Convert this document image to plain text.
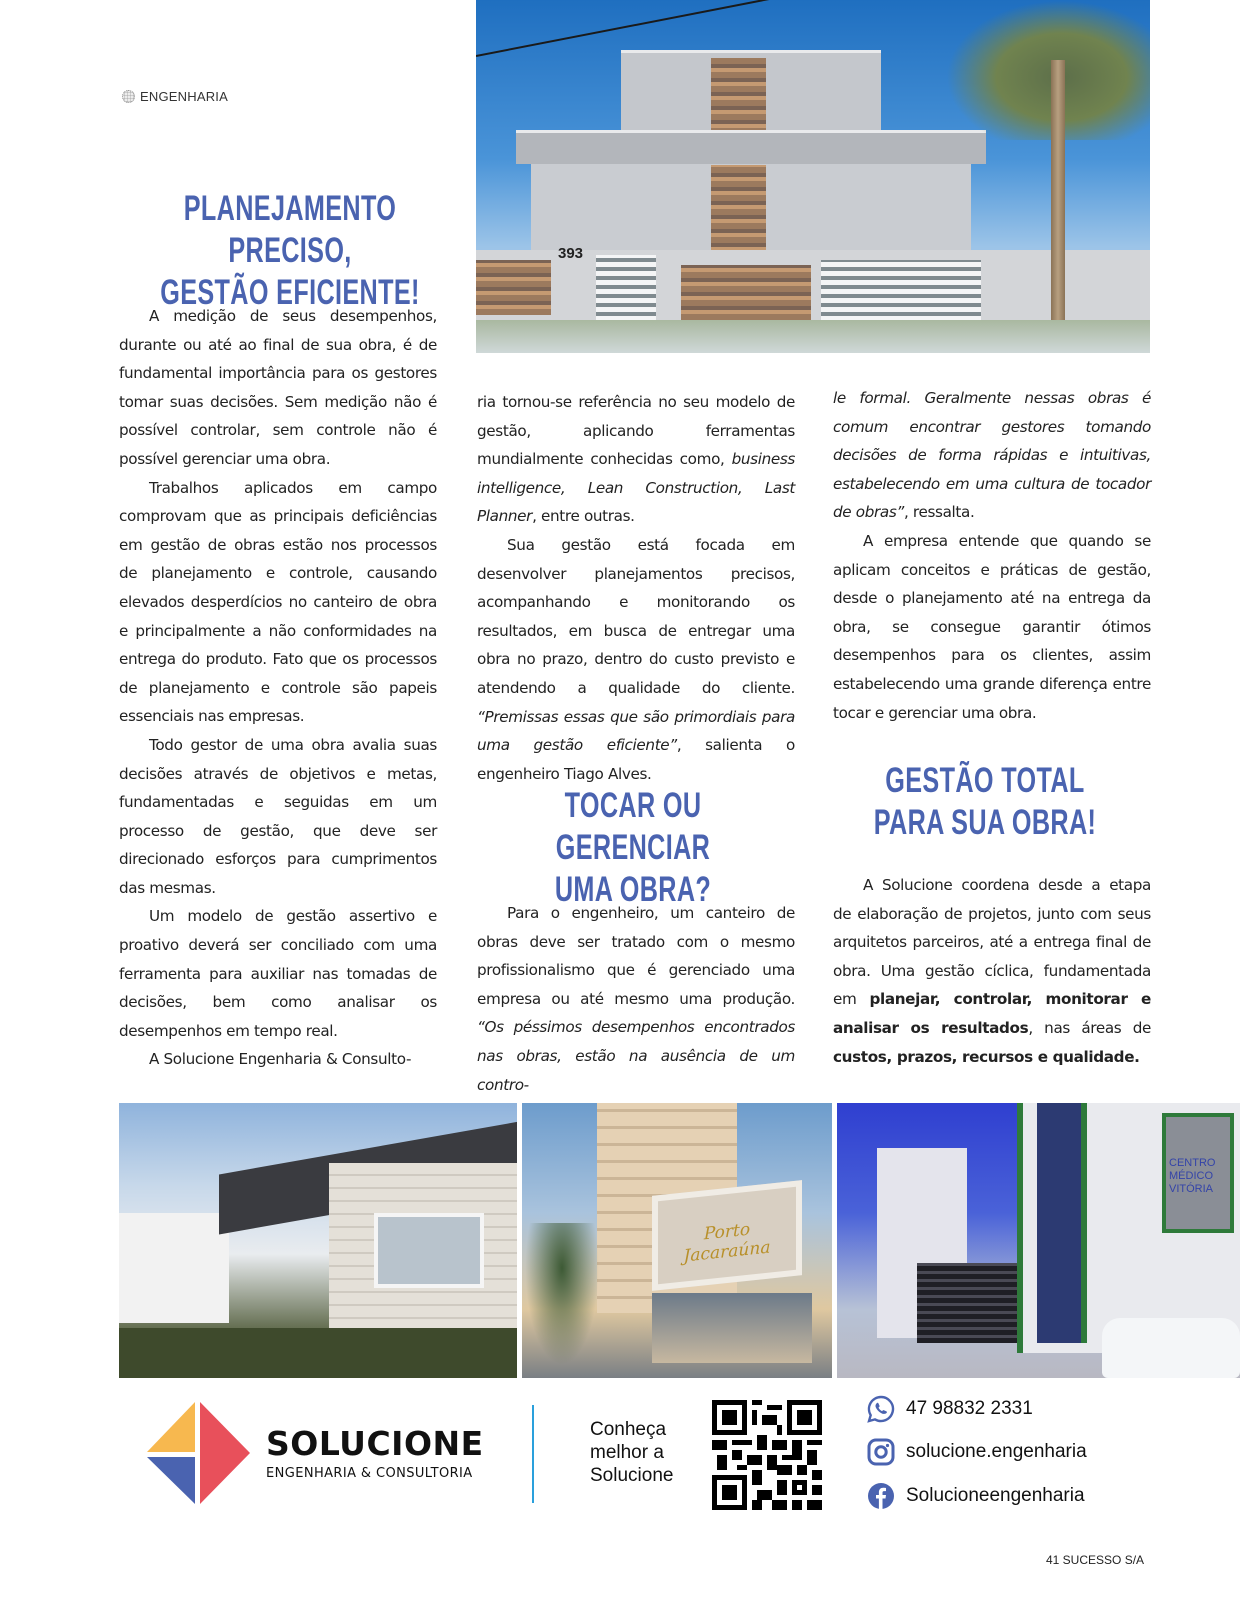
ENGENHARIA
PLANEJAMENTO PRECISO,
GESTÃO EFICIENTE!

A medição de seus desempenhos, durante ou até ao final de sua obra, é de fundamental importância para os gestores tomar suas decisões. Sem medição não é possível controlar, sem controle não é possível gerenciar uma obra.

Trabalhos aplicados em campo comprovam que as principais deficiências em gestão de obras estão nos processos de planejamento e controle, causando elevados desperdícios no canteiro de obra e principalmente a não conformidades na entrega do produto. Fato que os processos de planejamento e controle são papeis essenciais nas empresas.

Todo gestor de uma obra avalia suas decisões através de objetivos e metas, fundamentadas e seguidas em um processo de gestão, que deve ser direcionado esforços para cumprimentos das mesmas.

Um modelo de gestão assertivo e proativo deverá ser conciliado com uma ferramenta para auxiliar nas tomadas de decisões, bem como analisar os desempenhos em tempo real.

A Solucione Engenharia & Consulto-

393

ria tornou-se referência no seu modelo de gestão, aplicando ferramentas mundialmente conhecidas como, business intelligence, Lean Construction, Last Planner, entre outras.

Sua gestão está focada em desenvolver planejamentos precisos, acompanhando e monitorando os resultados, em busca de entregar uma obra no prazo, dentro do custo previsto e atendendo a qualidade do cliente. “Premissas essas que são primordiais para uma gestão eficiente”, salienta o engenheiro Tiago Alves.

TOCAR OU GERENCIAR
UMA OBRA?

Para o engenheiro, um canteiro de obras deve ser tratado com o mesmo profissionalismo que é gerenciado uma empresa ou até mesmo uma produção. “Os péssimos desempenhos encontrados nas obras, estão na ausência de um contro-

le formal. Geralmente nessas obras é comum encontrar gestores tomando decisões de forma rápidas e intuitivas, estabelecendo em uma cultura de tocador de obras”, ressalta.

A empresa entende que quando se aplicam conceitos e práticas de gestão, desde o planejamento até na entrega da obra, se consegue garantir ótimos desempenhos para os clientes, assim estabelecendo uma grande diferença entre tocar e gerenciar uma obra.

GESTÃO TOTAL
PARA SUA OBRA!

A Solucione coordena desde a etapa de elaboração de projetos, junto com seus arquitetos parceiros, até a entrega final de obra. Uma gestão cíclica, fundamentada em planejar, controlar, monitorar e analisar os resultados, nas áreas de custos, prazos, recursos e qualidade.

Porto Jacaraúna
CENTRO MÉDICO VITÓRIA
SOLUCIONE
ENGENHARIA & CONSULTORIA
Conheça
melhor a
Solucione
47 98832 2331
solucione.engenharia
Solucioneengenharia
41 SUCESSO S/A
